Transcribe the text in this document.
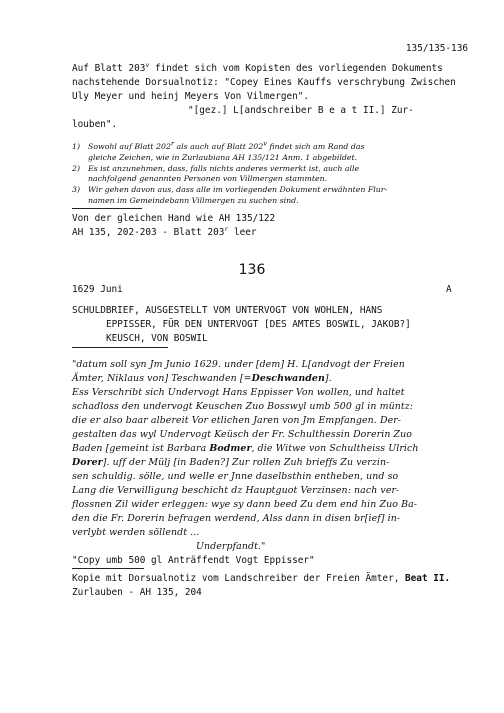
135/135-136
Auf Blatt 203$^v$ findet sich vom Kopisten des vorliegenden Dokuments
nachstehende Dorsualnotiz: "Copey Eines Kauffs verschrybung Zwischen
Uly Meyer und heinj Meyers Von Vilmergen".
"[gez.] L[andschreiber B e a t II.] Zur-
louben".
1) Sowohl auf Blatt 202$^r$ als auch auf Blatt 202$^v$ findet sich am Rand das
gleiche Zeichen, wie in Zurlaubiana AH 135/121 Anm. 1 abgebildet.
2) Es ist anzunehmen, dass, falls nichts anderes vermerkt ist, auch alle
nachfolgend genannten Personen von Villmergen stammten.
3) Wir gehen davon aus, dass alle im vorliegenden Dokument erwähnten Flur-
namen im Gemeindebann Villmergen zu suchen sind.
Von der gleichen Hand wie AH 135/122
AH 135, 202-203 - Blatt 203$^r$ leer
136
1629 Juni	A
SCHULDBRIEF, AUSGESTELLT VOM UNTERVOGT VON WOHLEN, HANS
EPPISSER, FÜR DEN UNTERVOGT [DES AMTES BOSWIL, JAKOB?]
KEUSCH, VON BOSWIL
"datum soll syn Jm Junio 1629. under [dem] H. L[andvogt der Freien
Ämter, Niklaus von] Teschwanden [=Deschwanden].
Ess Verschribt sich Undervogt Hans Eppisser Von wollen, und haltet
schadloss den undervogt Keuschen Zuo Bosswyl umb 500 gl in müntz:
die er also baar albereit Vor etlichen Jaren von Jm Empfangen. Der-
gestalten das wyl Undervogt Keüsch der Fr. Schulthessin Dorerin Zuo
Baden [gemeint ist Barbara Bodmer, die Witwe von Schultheiss Ulrich
Dorer]. uff der Mülj [in Baden?] Zur rollen Zuh brieffs Zu verzin-
sen schuldig. sölle, und welle er Jnne daselbsthin entheben, und so
Lang die Verwilligung beschicht dz Hauptguot Verzinsen: nach ver-
flossnen Zil wider erleggen: wye sy dann beed Zu dem end hin Zuo Ba-
den die Fr. Dorerin befragen werdend, Alss dann in disen br[ief] in-
verlybt werden söllendt ...
Underpfandt."
"Copy umb 500 gl Anträffendt Vogt Eppisser"
Kopie mit Dorsualnotiz vom Landschreiber der Freien Ämter, Beat II.
Zurlauben - AH 135, 204
